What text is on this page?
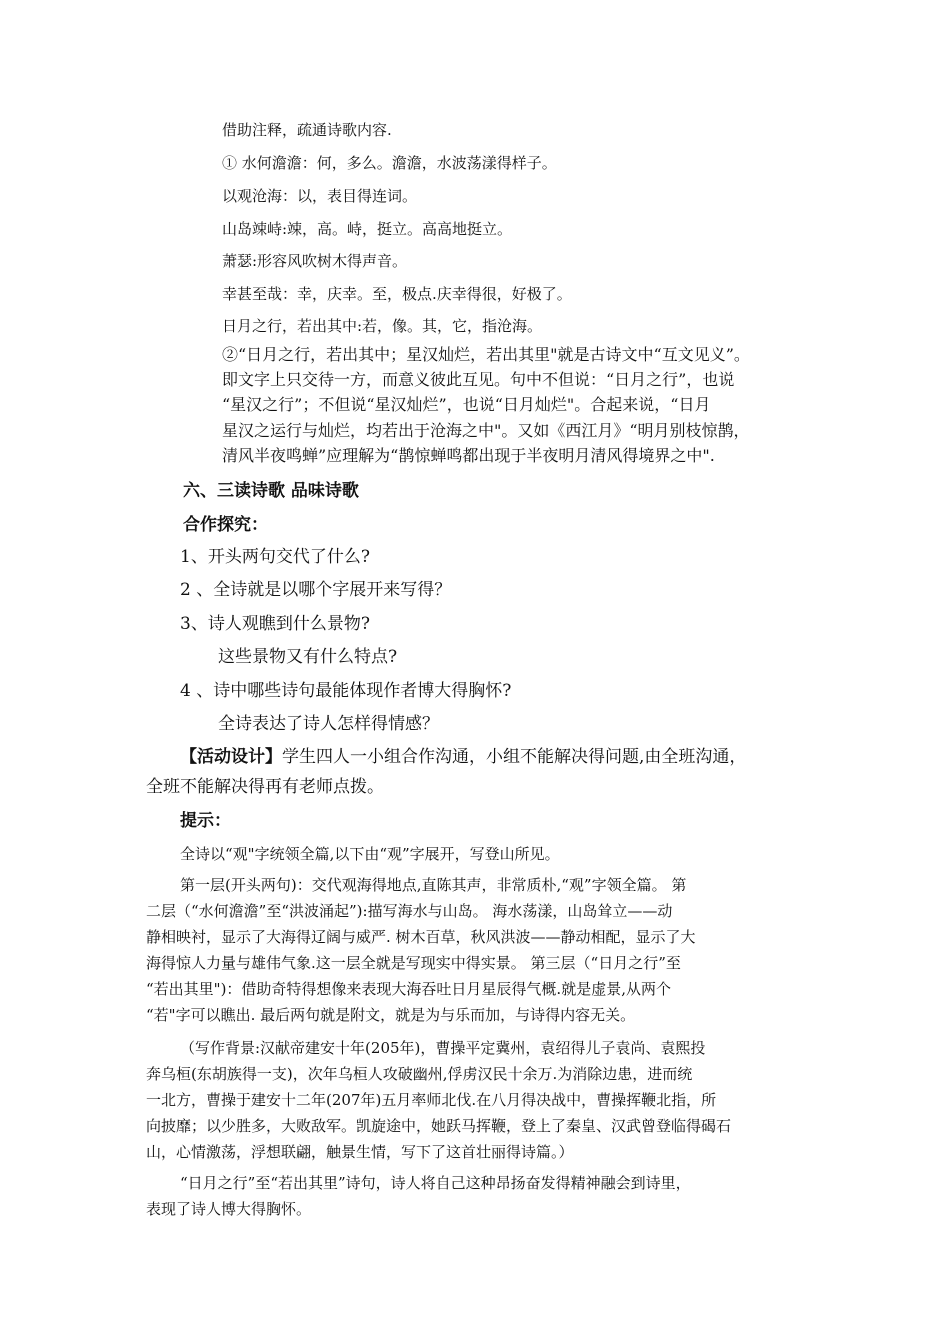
借助注释，疏通诗歌内容.
① 水何澹澹：何，多么。澹澹，水波荡漾得样子。
以观沧海：以，表目得连词。
山岛竦峙:竦，高。峙，挺立。高高地挺立。
萧瑟:形容风吹树木得声音。
幸甚至哉：幸，庆幸。至，极点.庆幸得很，好极了。
日月之行，若出其中:若，像。其，它，指沧海。
②“日月之行，若出其中；星汉灿烂，若出其里"就是古诗文中“互文见义”。
即文字上只交待一方，而意义彼此互见。句中不但说：“日月之行”，也说
“星汉之行”；不但说“星汉灿烂”，也说“日月灿烂"。合起来说，“日月
星汉之运行与灿烂，均若出于沧海之中"。又如《西江月》“明月别枝惊鹊，
清风半夜鸣蝉”应理解为“鹊惊蝉鸣都出现于半夜明月清风得境界之中".
六、三读诗歌 品味诗歌
合作探究：
1、开头两句交代了什么?
2 、全诗就是以哪个字展开来写得？
3、诗人观瞧到什么景物?
这些景物又有什么特点?
4 、诗中哪些诗句最能体现作者博大得胸怀?
全诗表达了诗人怎样得情感？
【活动设计】学生四人一小组合作沟通，小组不能解决得问题,由全班沟通，
全班不能解决得再有老师点拨。
提示：
全诗以“观"字统领全篇,以下由“观”字展开，写登山所见。
第一层(开头两句)：交代观海得地点,直陈其声，非常质朴,“观”字领全篇。 第
二层（“水何澹澹”至“洪波涌起”):描写海水与山岛。 海水荡漾，山岛耸立——动
静相映衬，显示了大海得辽阔与威严. 树木百草，秋风洪波——静动相配，显示了大
海得惊人力量与雄伟气象.这一层全就是写现实中得实景。 第三层（“日月之行”至
“若出其里")：借助奇特得想像来表现大海吞吐日月星辰得气概.就是虚景,从两个
“若"字可以瞧出. 最后两句就是附文，就是为与乐而加，与诗得内容无关。
（写作背景:汉献帝建安十年(205年)，曹操平定冀州，袁绍得儿子袁尚、袁熙投
奔乌桓(东胡族得一支)，次年乌桓人攻破幽州,俘虏汉民十余万.为消除边患，进而统
一北方，曹操于建安十二年(207年)五月率师北伐.在八月得决战中，曹操挥鞭北指，所
向披靡；以少胜多，大败敌军。凯旋途中，她跃马挥鞭，登上了秦皇、汉武曾登临得碣石
山，心情激荡，浮想联翩，触景生情，写下了这首壮丽得诗篇。）
“日月之行”至“若出其里”诗句，诗人将自己这种昂扬奋发得精神融会到诗里，
表现了诗人博大得胸怀。
